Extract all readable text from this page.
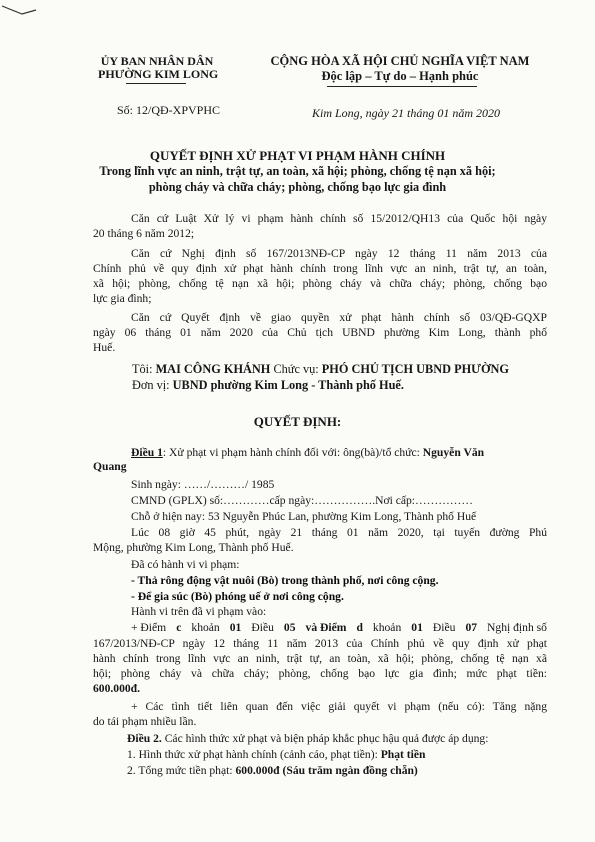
ỦY BAN NHÂN DÂN
PHƯỜNG KIM LONG
CỘNG HÒA XÃ HỘI CHỦ NGHĨA VIỆT NAM
Độc lập – Tự do – Hạnh phúc
Số: 12/QĐ-XPVPHC	Kim Long, ngày 21 tháng 01 năm 2020
QUYẾT ĐỊNH XỬ PHẠT VI PHẠM HÀNH CHÍNH
Trong lĩnh vực an ninh, trật tự, an toàn, xã hội; phòng, chống tệ nạn xã hội;
phòng cháy và chữa cháy; phòng, chống bạo lực gia đình
Căn cứ Luật Xử lý vi phạm hành chính số 15/2012/QH13 của Quốc hội ngày
20 tháng 6 năm 2012;
Căn cứ Nghị định số 167/2013NĐ-CP ngày 12 tháng 11 năm 2013 của
Chính phủ về quy định xử phạt hành chính trong lĩnh vực an ninh, trật tự, an toàn,
xã hội; phòng, chống tệ nạn xã hội; phòng cháy và chữa cháy; phòng, chống bạo
lực gia đình;
Căn cứ Quyết định về giao quyền xử phạt hành chính số 03/QĐ-GQXP
ngày 06 tháng 01 năm 2020 của Chủ tịch UBND phường Kim Long, thành phố
Huế.
Tôi: MAI CÔNG KHÁNH Chức vụ: PHÓ CHỦ TỊCH UBND PHƯỜNG
Đơn vị: UBND phường Kim Long - Thành phố Huế.
QUYẾT ĐỊNH:
Điều 1: Xử phạt vi phạm hành chính đối với: ông(bà)/tổ chức: Nguyễn Văn
Quang
Sinh ngày: ……/………/ 1985
CMND (GPLX) số:…………cấp ngày:…………….Nơi cấp:……………
Chỗ ở hiện nay: 53 Nguyễn Phúc Lan, phường Kim Long, Thành phố Huế
Lúc 08 giờ 45 phút, ngày 21 tháng 01 năm 2020, tại tuyến đường Phú
Mộng, phường Kim Long, Thành phố Huế.
Đã có hành vi vi phạm:
- Thả rông động vật nuôi (Bò) trong thành phố, nơi công cộng.
- Để gia súc (Bò) phóng uế ở nơi công cộng.
Hành vi trên đã vi phạm vào:
+ Điểm c khoản 01 Điều 05 và Điểm d khoản 01 Điều 07 Nghị định số
167/2013/NĐ-CP ngày 12 tháng 11 năm 2013 của Chính phủ về quy định xử phạt
hành chính trong lĩnh vực an ninh, trật tự, an toàn, xã hội; phòng, chống tệ nạn xã
hội; phòng cháy và chữa cháy; phòng, chống bạo lực gia đình; mức phạt tiền:
600.000đ.
+ Các tình tiết liên quan đến việc giải quyết vi phạm (nếu có): Tăng nặng
do tái phạm nhiều lần.
Điều 2. Các hình thức xử phạt và biện pháp khắc phục hậu quả được áp dụng:
1. Hình thức xử phạt hành chính (cảnh cáo, phạt tiền): Phạt tiền
2. Tổng mức tiền phạt: 600.000đ (Sáu trăm ngàn đồng chẵn)
